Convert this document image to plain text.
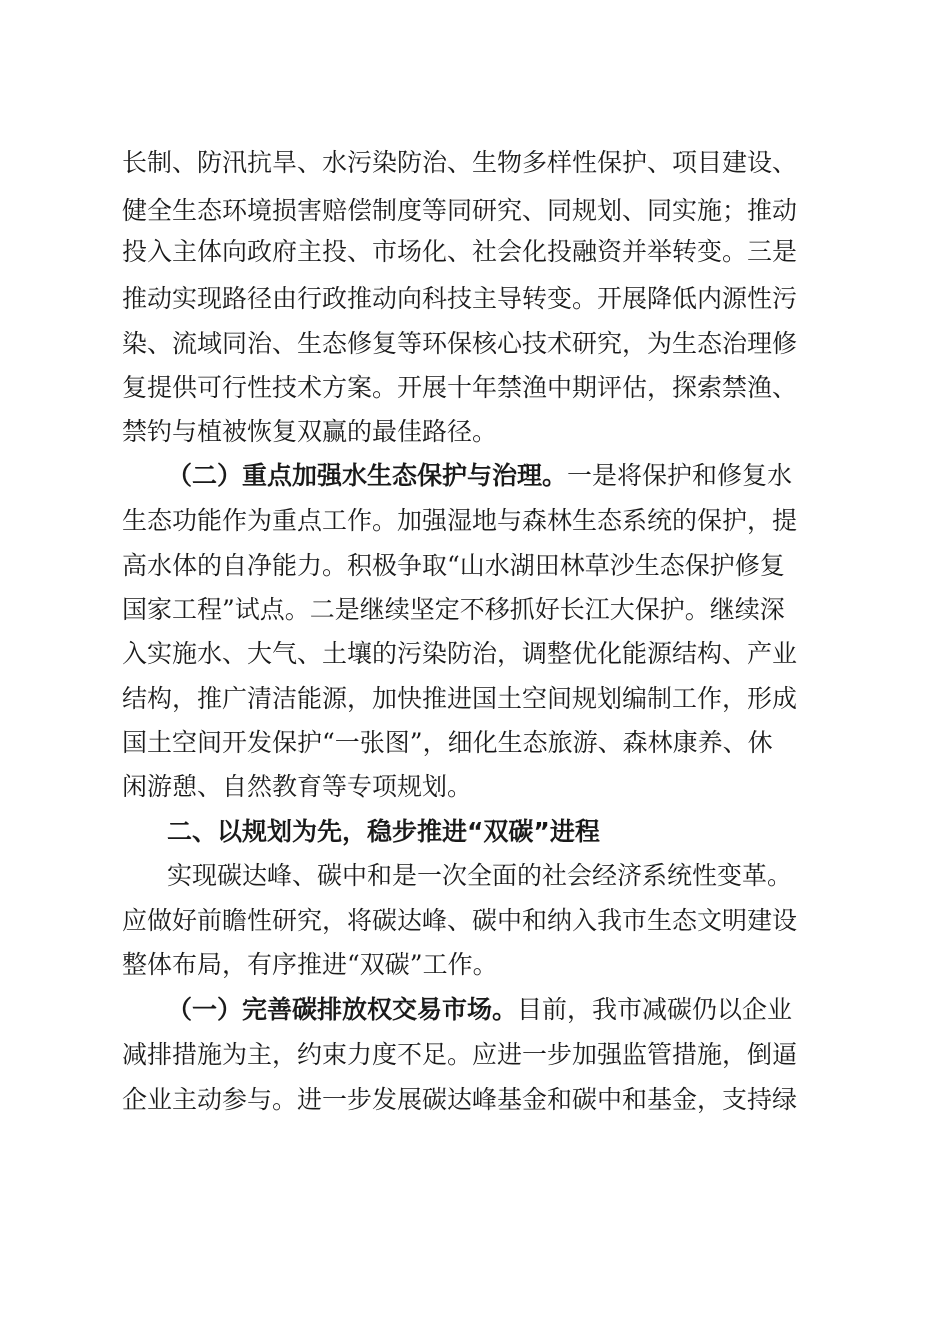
长制、防汛抗旱、水污染防治、生物多样性保护、项目建设、
健全生态环境损害赔偿制度等同研究、同规划、同实施；推动
投入主体向政府主投、市场化、社会化投融资并举转变。三是
推动实现路径由行政推动向科技主导转变。开展降低内源性污
染、流域同治、生态修复等环保核心技术研究，为生态治理修
复提供可行性技术方案。开展十年禁渔中期评估，探索禁渔、
禁钓与植被恢复双赢的最佳路径。
（二）重点加强水生态保护与治理。一是将保护和修复水
生态功能作为重点工作。加强湿地与森林生态系统的保护，提
高水体的自净能力。积极争取“山水湖田林草沙生态保护修复
国家工程”试点。二是继续坚定不移抓好长江大保护。继续深
入实施水、大气、土壤的污染防治，调整优化能源结构、产业
结构，推广清洁能源，加快推进国土空间规划编制工作，形成
国土空间开发保护“一张图”，细化生态旅游、森林康养、休
闲游憩、自然教育等专项规划。
二、以规划为先，稳步推进“双碳”进程
实现碳达峰、碳中和是一次全面的社会经济系统性变革。
应做好前瞻性研究，将碳达峰、碳中和纳入我市生态文明建设
整体布局，有序推进“双碳”工作。
（一）完善碳排放权交易市场。目前，我市减碳仍以企业
减排措施为主，约束力度不足。应进一步加强监管措施，倒逼
企业主动参与。进一步发展碳达峰基金和碳中和基金，支持绿
